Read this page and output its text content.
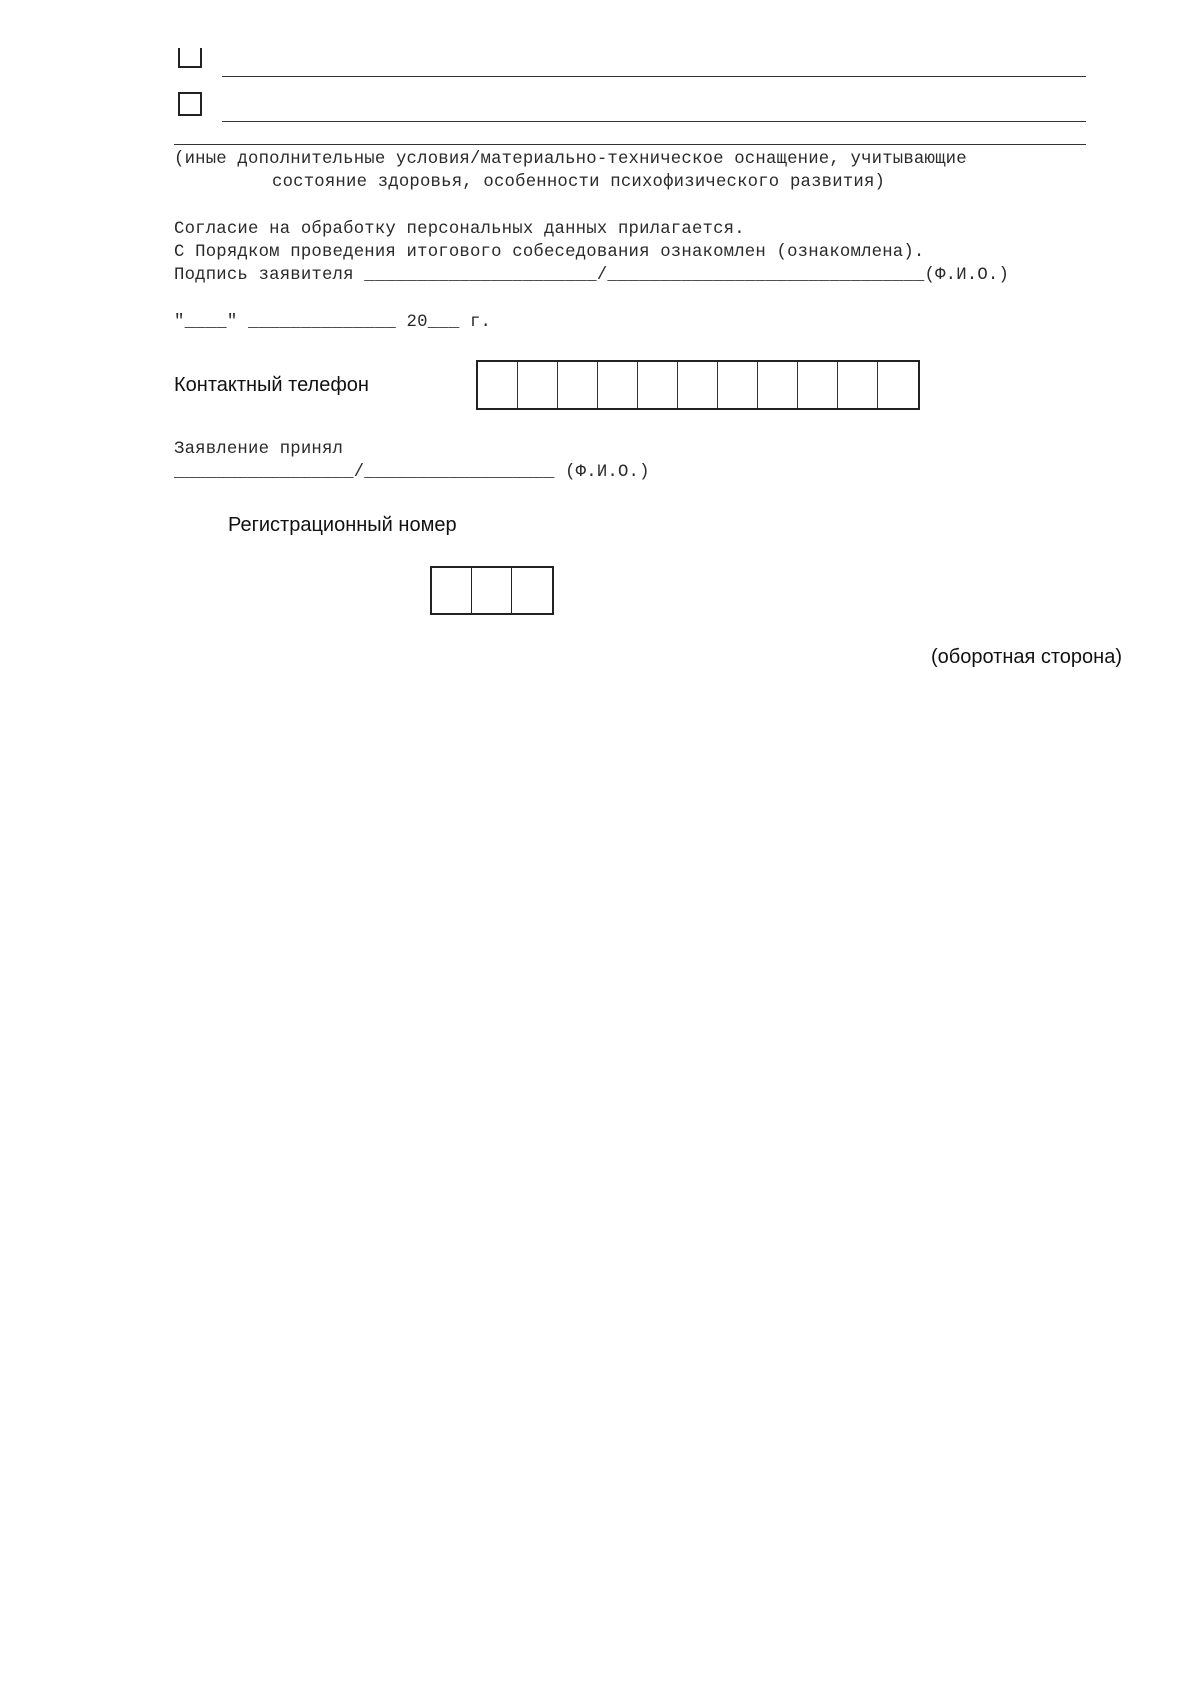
(иные дополнительные условия/материально-техническое оснащение, учитывающие
состояние здоровья, особенности психофизического развития)
Согласие на обработку персональных данных прилагается.
С Порядком проведения итогового собеседования ознакомлен (ознакомлена).
Подпись заявителя ______________________/______________________________(Ф.И.О.)
"____" ______________ 20___ г.
Контактный телефон
Заявление принял
_________________/__________________ (Ф.И.О.)
Регистрационный номер
(оборотная сторона)
